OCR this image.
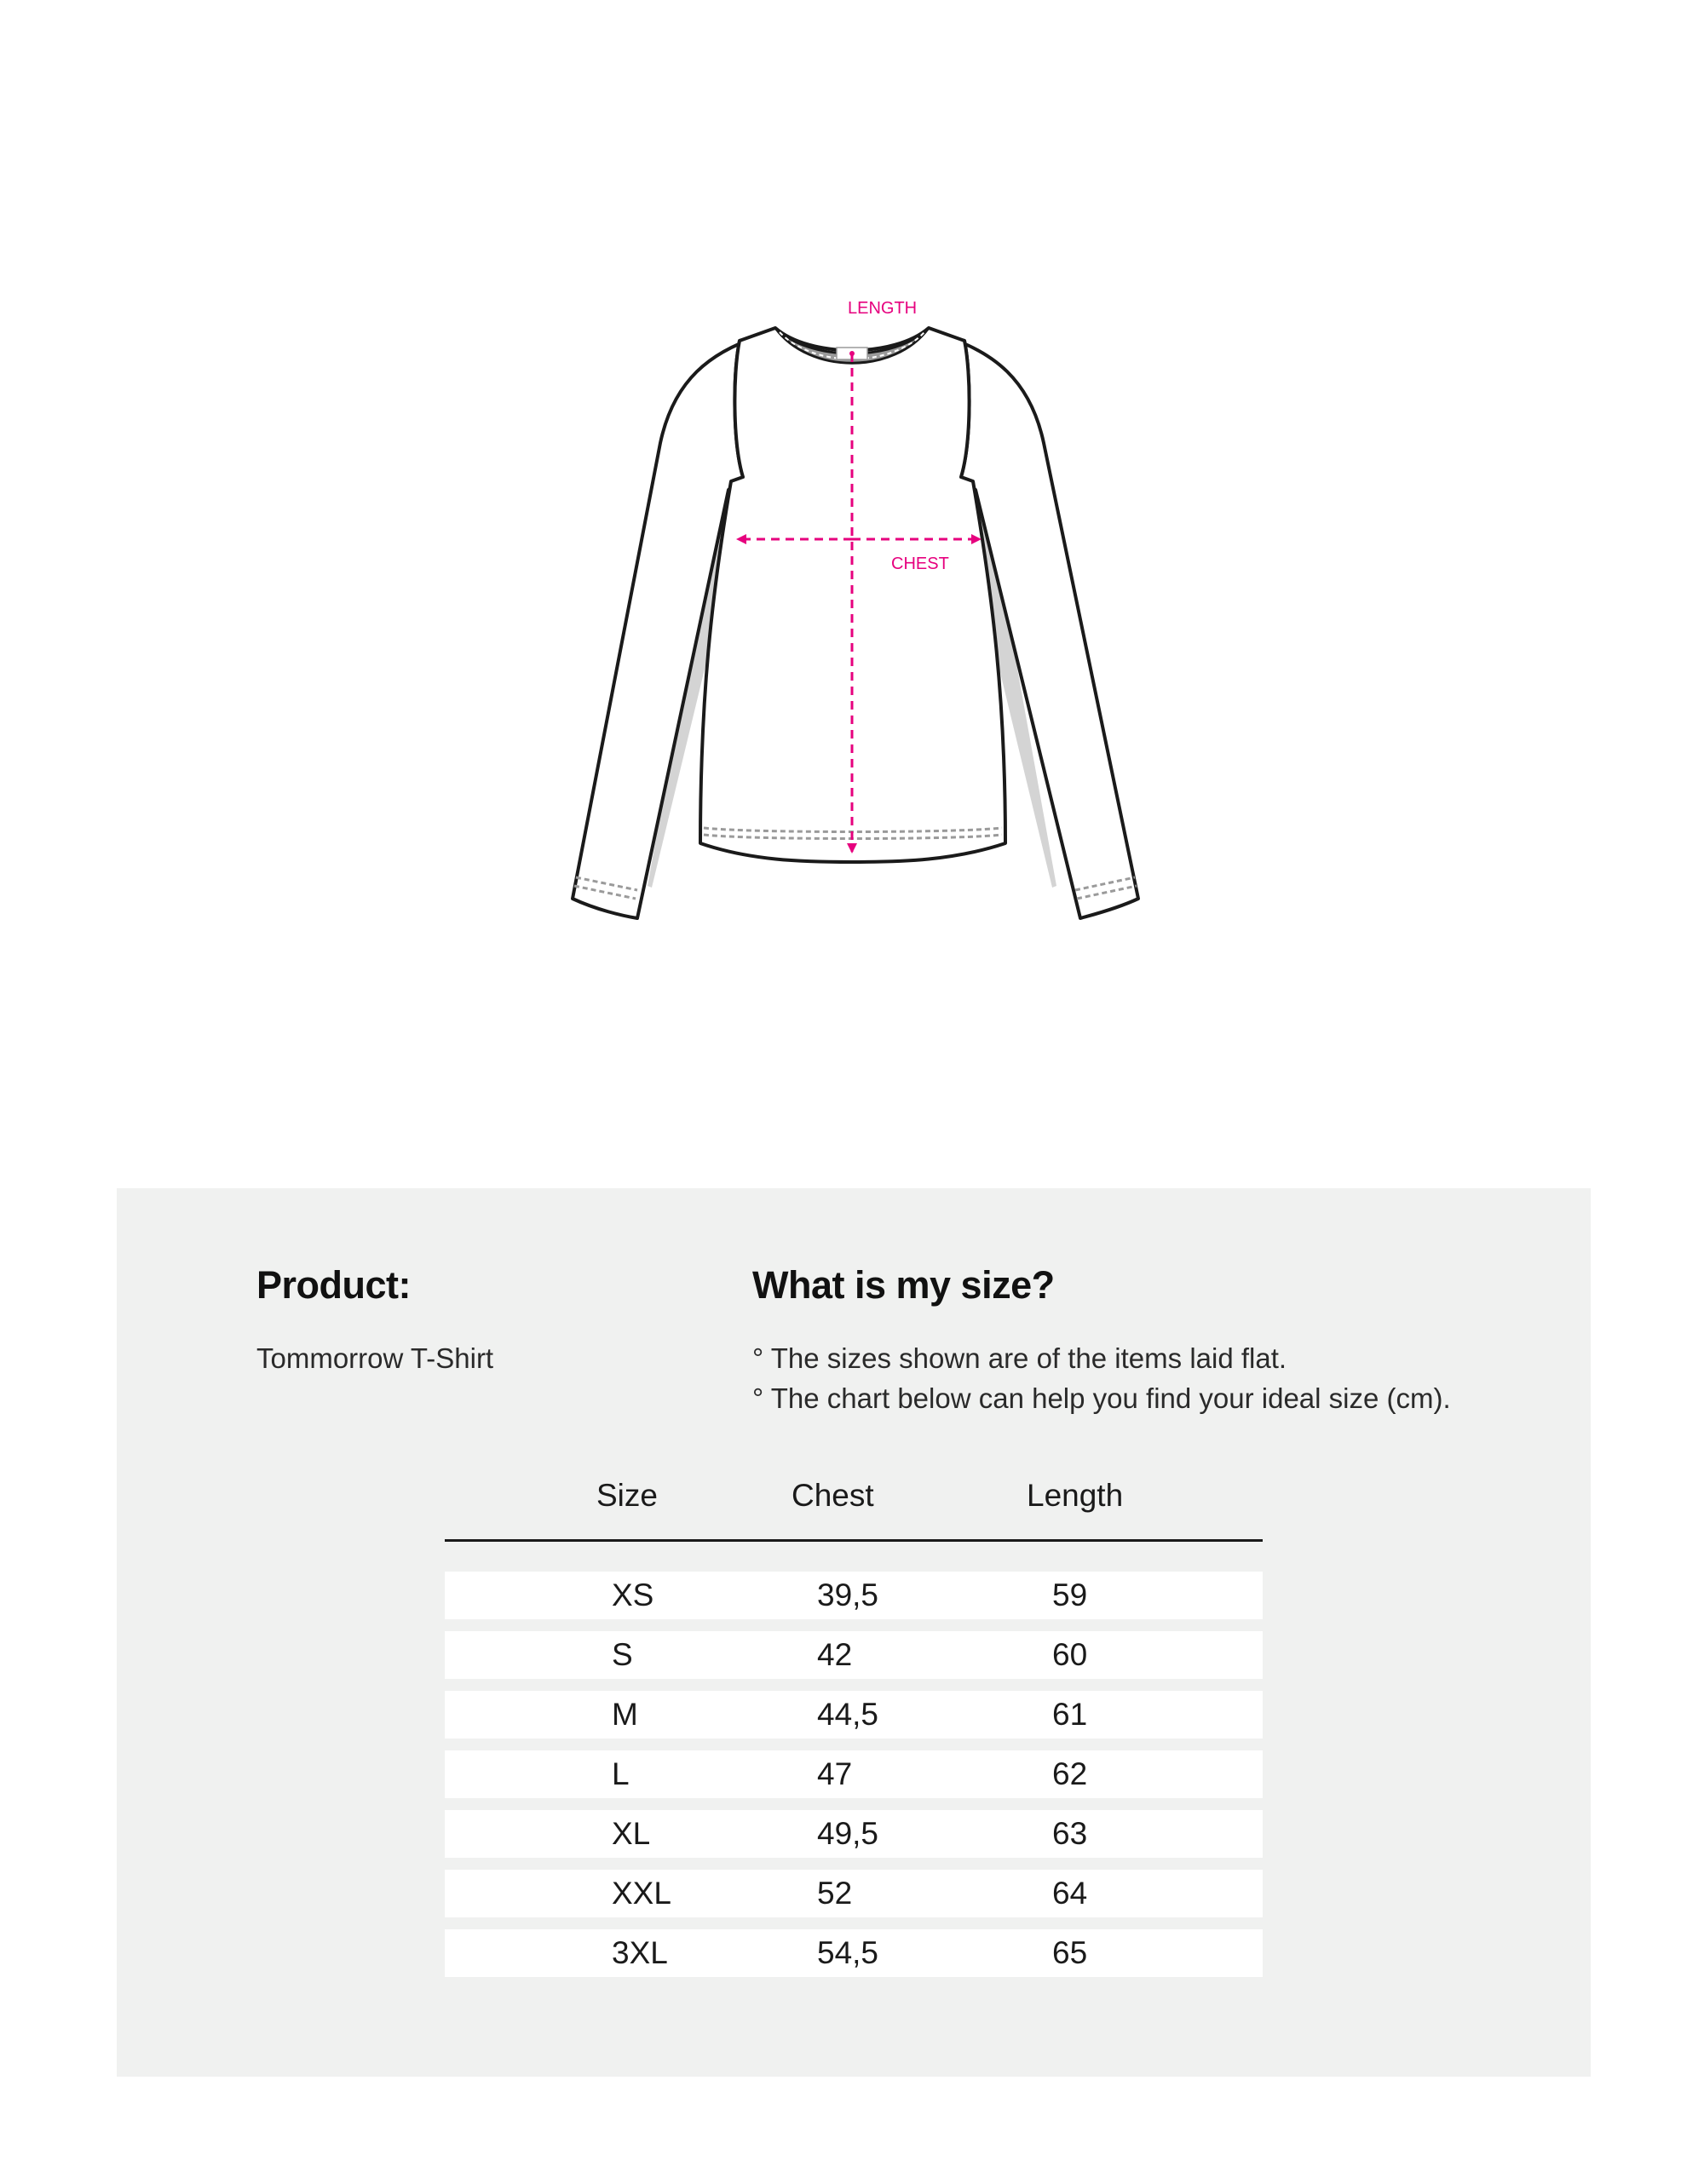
LENGTH
CHEST
Product:
Tommorrow T-Shirt
What is my size?
° The sizes shown are of the items laid flat.
° The chart below can help you find your ideal size (cm).
Size	Chest	Length
XS	39,5	59
S	42	60
M	44,5	61
L	47	62
XL	49,5	63
XXL	52	64
3XL	54,5	65
